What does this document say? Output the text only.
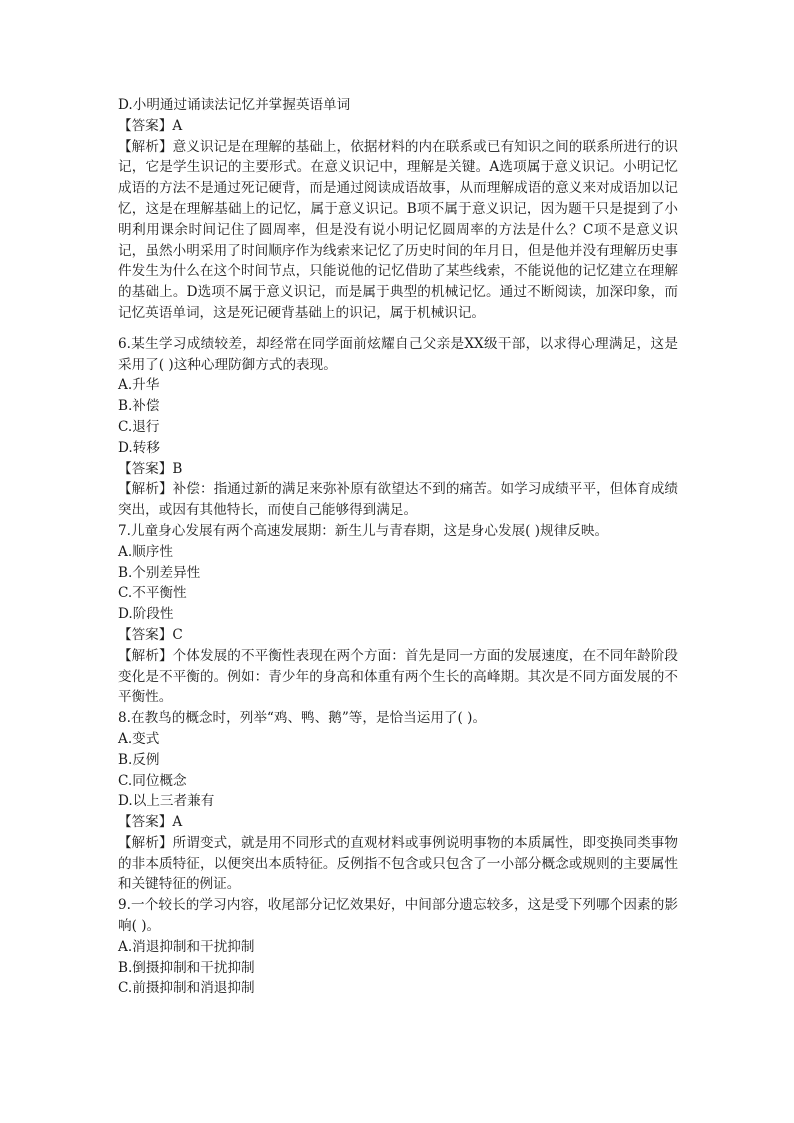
D.小明通过诵读法记忆并掌握英语单词

【答案】A

【解析】意义识记是在理解的基础上，依据材料的内在联系或已有知识之间的联系所进行的识记，它是学生识记的主要形式。在意义识记中，理解是关键。A选项属于意义识记。小明记忆成语的方法不是通过死记硬背，而是通过阅读成语故事，从而理解成语的意义来对成语加以记忆，这是在理解基础上的记忆，属于意义识记。B项不属于意义识记，因为题干只是提到了小明利用课余时间记住了圆周率，但是没有说小明记忆圆周率的方法是什么？C项不是意义识记，虽然小明采用了时间顺序作为线索来记忆了历史时间的年月日，但是他并没有理解历史事件发生为什么在这个时间节点，只能说他的记忆借助了某些线索，不能说他的记忆建立在理解的基础上。D选项不属于意义识记，而是属于典型的机械记忆。通过不断阅读，加深印象，而记忆英语单词，这是死记硬背基础上的识记，属于机械识记。

6.某生学习成绩较差，却经常在同学面前炫耀自己父亲是XX级干部，以求得心理满足，这是采用了( )这种心理防御方式的表现。

A.升华

B.补偿

C.退行

D.转移

【答案】B

【解析】补偿：指通过新的满足来弥补原有欲望达不到的痛苦。如学习成绩平平，但体育成绩突出，或因有其他特长，而使自己能够得到满足。

7.儿童身心发展有两个高速发展期：新生儿与青春期，这是身心发展( )规律反映。

A.顺序性

B.个别差异性

C.不平衡性

D.阶段性

【答案】C

【解析】个体发展的不平衡性表现在两个方面：首先是同一方面的发展速度，在不同年龄阶段变化是不平衡的。例如：青少年的身高和体重有两个生长的高峰期。其次是不同方面发展的不平衡性。

8.在教鸟的概念时，列举“鸡、鸭、鹅”等，是恰当运用了( )。

A.变式

B.反例

C.同位概念

D.以上三者兼有

【答案】A

【解析】所谓变式，就是用不同形式的直观材料或事例说明事物的本质属性，即变换同类事物的非本质特征，以便突出本质特征。反例指不包含或只包含了一小部分概念或规则的主要属性和关键特征的例证。

9.一个较长的学习内容，收尾部分记忆效果好，中间部分遗忘较多，这是受下列哪个因素的影响( )。

A.消退抑制和干扰抑制

B.倒摄抑制和干扰抑制

C.前摄抑制和消退抑制
